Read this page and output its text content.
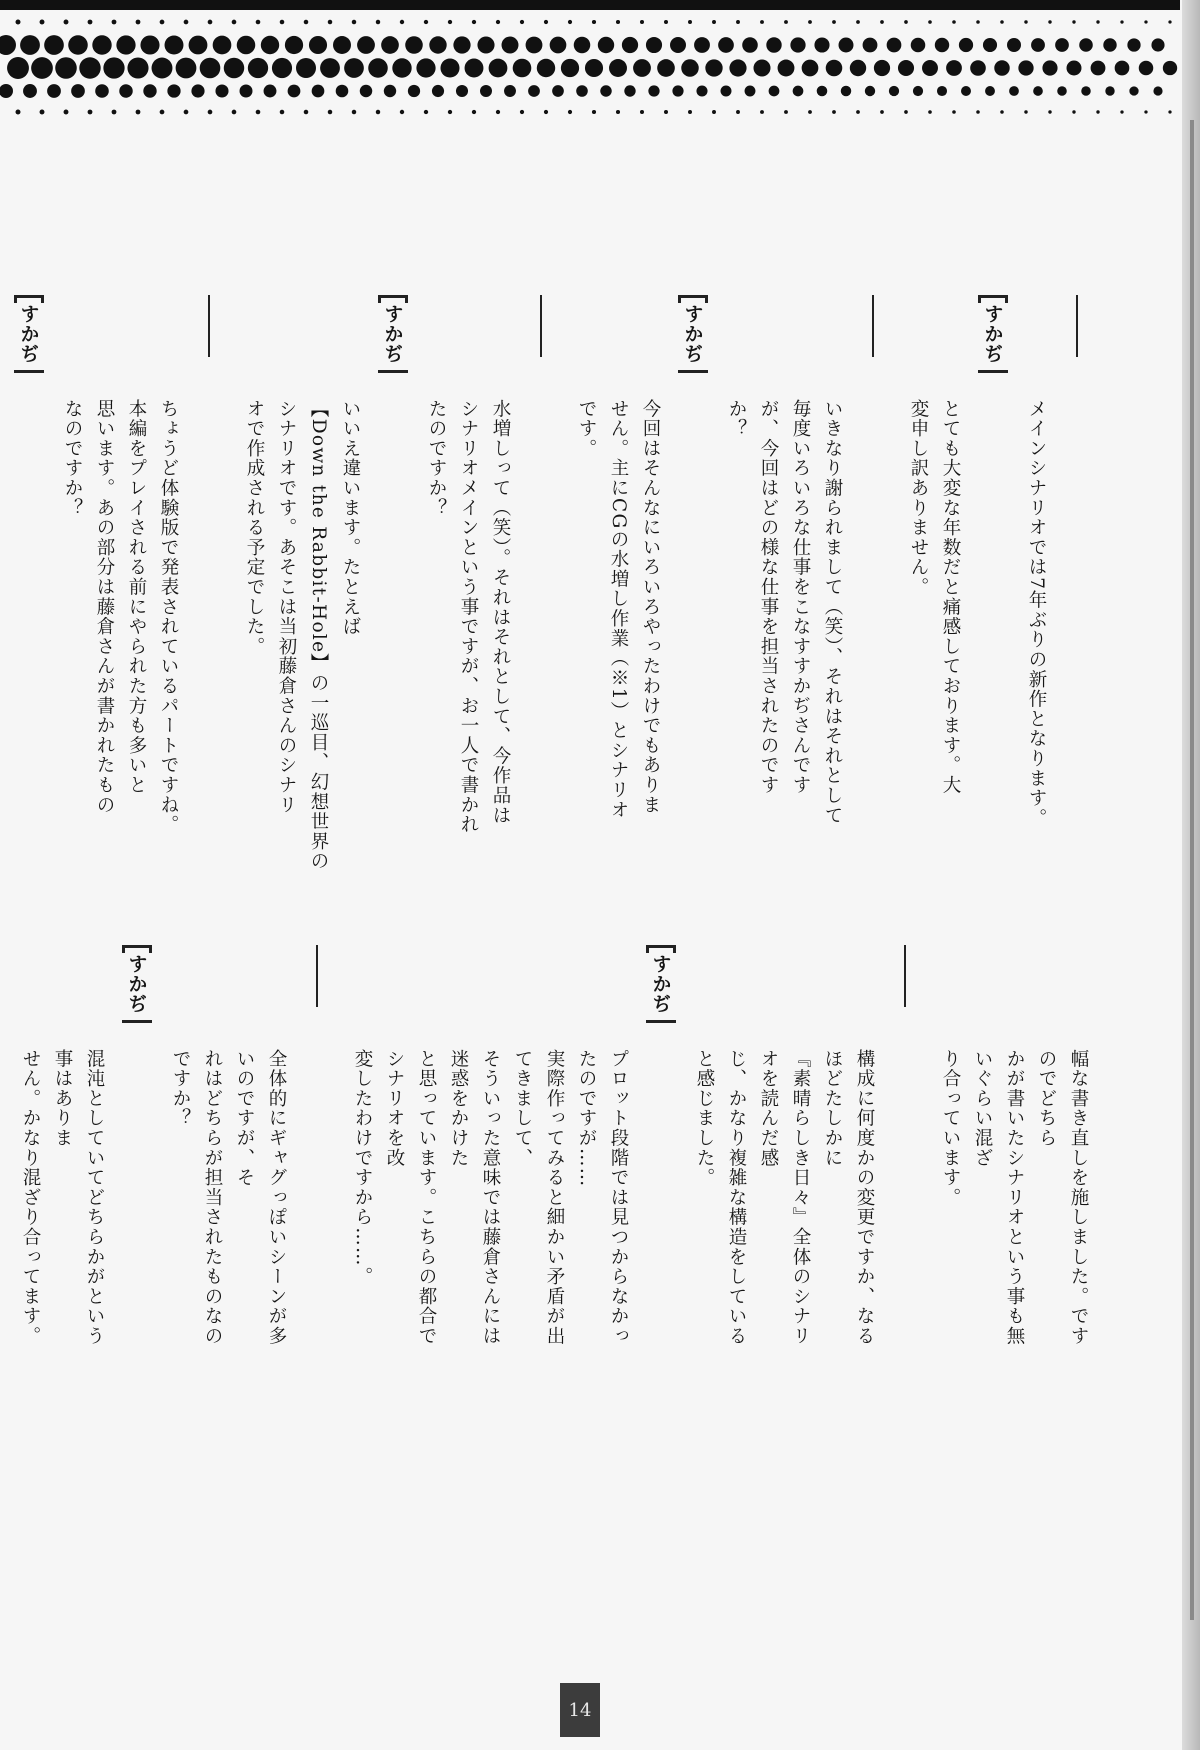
メインシナリオでは7年ぶりの新作となります。
すかぢ
とても大変な年数だと痛感しております。大
変申し訳ありません。
いきなり謝られまして（笑）、それはそれとして
毎度いろいろな仕事をこなすすかぢさんです
が、今回はどの様な仕事を担当されたのです
か？
すかぢ
今回はそんなにいろいろやったわけでもありま
せん。主にCGの水増し作業（※1）とシナリオ
です。
水増しって（笑）。それはそれとして、今作品は
シナリオメインという事ですが、お一人で書かれ
たのですか？
すかぢ
いいえ違います。たとえば
【Down the Rabbit-Hole】の一巡目、幻想世界の
シナリオです。あそこは当初藤倉さんのシナリ
オで作成される予定でした。
ちょうど体験版で発表されているパートですね。
本編をプレイされる前にやられた方も多いと
思います。あの部分は藤倉さんが書かれたもの
なのですか？
すかぢ
幅な書き直しを施しました。ですのでどちら
かが書いたシナリオという事も無いぐらい混ざ
り合っています。
構成に何度かの変更ですか、なるほどたしかに
『素晴らしき日々』全体のシナリオを読んだ感
じ、かなり複雑な構造をしていると感じました。
すかぢ
プロット段階では見つからなかったのですが……
実際作ってみると細かい矛盾が出てきまして、
そういった意味では藤倉さんには迷惑をかけた
と思っています。こちらの都合でシナリオを改
変したわけですから……。
全体的にギャグっぽいシーンが多いのですが、そ
れはどちらが担当されたものなのですか？
すかぢ
混沌としていてどちらかがという事はありま
せん。かなり混ざり合ってます。
14
